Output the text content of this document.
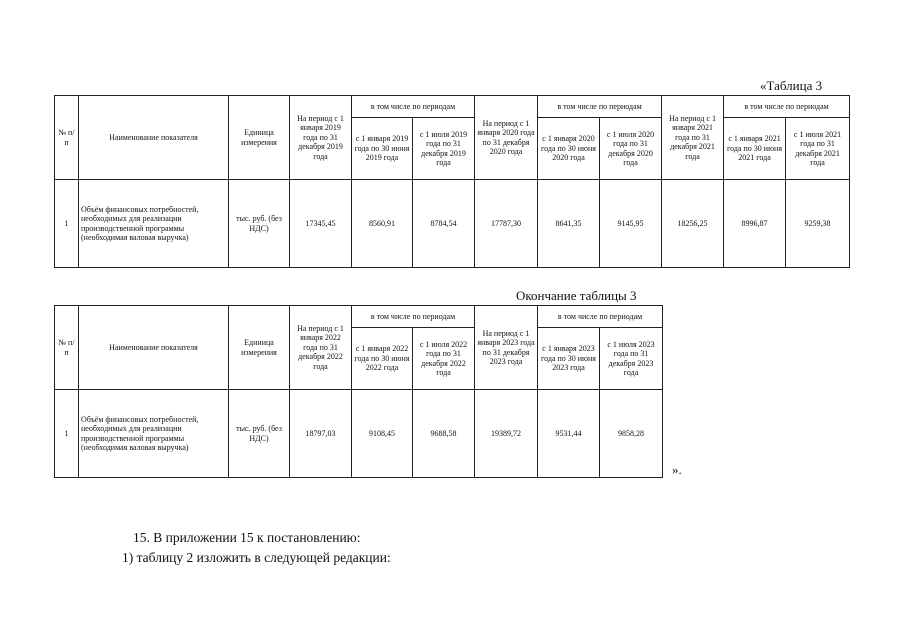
«Таблица 3
№ п/п	Наименование показателя	Единица измерения	На период с 1 января 2019 года по 31 декабря 2019 года	в том числе по периодам		На период с 1 января 2020 года по 31 декабря 2020 года	в том числе по периодам		На период с 1 января 2021 года по 31 декабря 2021 года	в том числе по периодам	
				с 1 января 2019 года по 30 июня 2019 года	с 1 июля 2019 года по 31 декабря 2019 года		с 1 января 2020 года по 30 июня 2020 года	с 1 июля 2020 года по 31 декабря 2020 года		с 1 января 2021 года по 30 июня 2021 года	с 1 июля 2021 года по 31 декабря 2021 года
1	Объём финансовых потребностей, необходимых для реализации производственной программы (необходимая валовая выручка)	тыс. руб. (без НДС)	17345,45	8560,91	8784,54	17787,30	8641,35	9145,95	18256,25	8996,87	9259,38
Окончание таблицы 3
№ п/п	Наименование показателя	Единица измерения	На период с 1 января 2022 года по 31 декабря 2022 года	в том числе по периодам		На период с 1 января 2023 года по 31 декабря 2023 года	в том числе по периодам	
				с 1 января 2022 года по 30 июня 2022 года	с 1 июля 2022 года по 31 декабря 2022 года		с 1 января 2023 года по 30 июня 2023 года	с 1 июля 2023 года по 31 декабря 2023 года
1	Объём финансовых потребностей, необходимых для реализации производственной программы (необходимая валовая выручка)	тыс. руб. (без НДС)	18797,03	9108,45	9688,58	19389,72	9531,44	9858,28
».
15. В приложении 15 к постановлению:
1) таблицу 2 изложить в следующей редакции:
